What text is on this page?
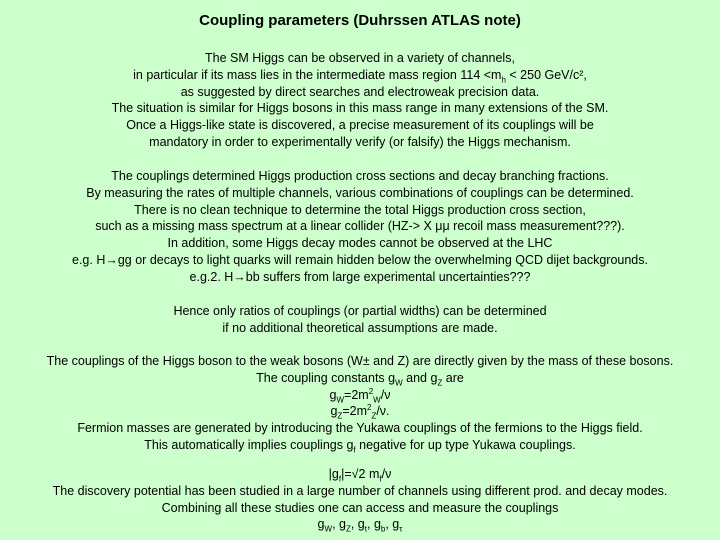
Coupling parameters (Duhrssen ATLAS note)
The SM Higgs can be observed in a variety of channels,
in particular if its mass lies in the intermediate mass region $114 <m_h < 250$ GeV/c²,
as suggested by direct searches and electroweak precision data.
The situation is similar for Higgs bosons in this mass range in many extensions of the SM.
Once a Higgs-like state is discovered, a precise measurement of its couplings will be
mandatory in order to experimentally verify (or falsify) the Higgs mechanism.
The couplings determined Higgs production cross sections and decay branching fractions.
By measuring the rates of multiple channels, various combinations of couplings can be determined.
There is no clean technique to determine the total Higgs production cross section,
such as a missing mass spectrum at a linear collider (HZ-> X μμ recoil mass measurement???).
In addition, some Higgs decay modes cannot be observed at the LHC
e.g. H→gg or decays to light quarks will remain hidden below the overwhelming QCD dijet backgrounds.
e.g.2. H→bb suffers from large experimental uncertainties???
Hence only ratios of couplings (or partial widths) can be determined
if no additional theoretical assumptions are made.
The couplings of the Higgs boson to the weak bosons (W± and Z) are directly given by the mass of these bosons.
The coupling constants $g_W$ and $g_Z$ are
$g_W=2m^2_W/\nu$
$g_Z=2m^2_Z/\nu$.
Fermion masses are generated by introducing the Yukawa couplings of the fermions to the Higgs field.
This automatically implies couplings $g_f$ negative for up type Yukawa couplings.
$|g_f|=√2$ $m_f/\nu$
The discovery potential has been studied in a large number of channels using different prod. and decay modes.
Combining all these studies one can access and measure the couplings
$g_W$, $g_Z$, $g_t$, $g_b$, $g_\tau$
